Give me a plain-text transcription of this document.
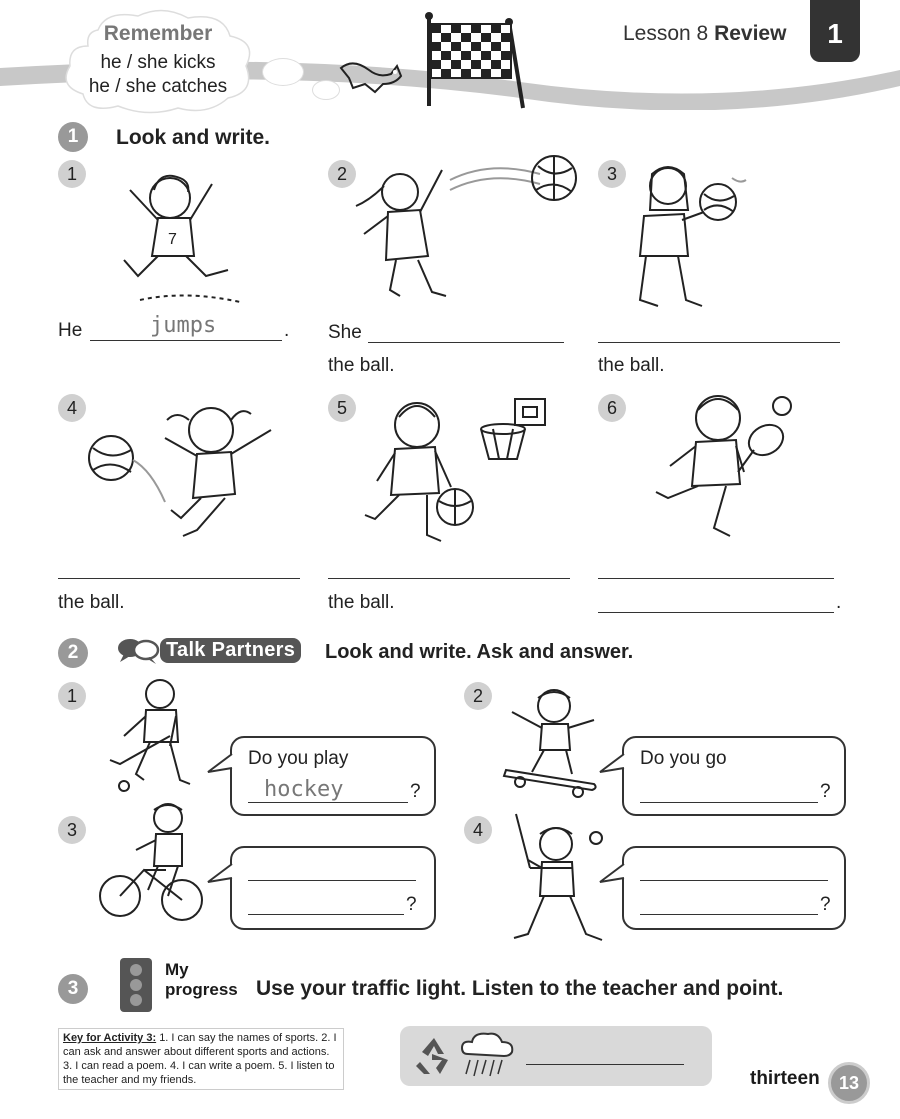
Remember
he / she kicks
he / she catches
Lesson 8 Review	1
1	Look and write.
1	2	3
7
He	jumps	. She
the ball.	the ball.
4	5	6
the ball.	the ball.	.
2	Talk Partners	Look and write. Ask and answer.
1	2
3	4
Do you play
hockey	?
Do you go
?
?	?
3
My
progress Use your traffic light. Listen to the teacher and point.
Key for Activity 3: 1. I can say the names of sports. 2. I can ask and answer about different sports and actions. 3. I can read a poem. 4. I can write a poem. 5. I listen to the teacher and my friends.	thirteen	13
